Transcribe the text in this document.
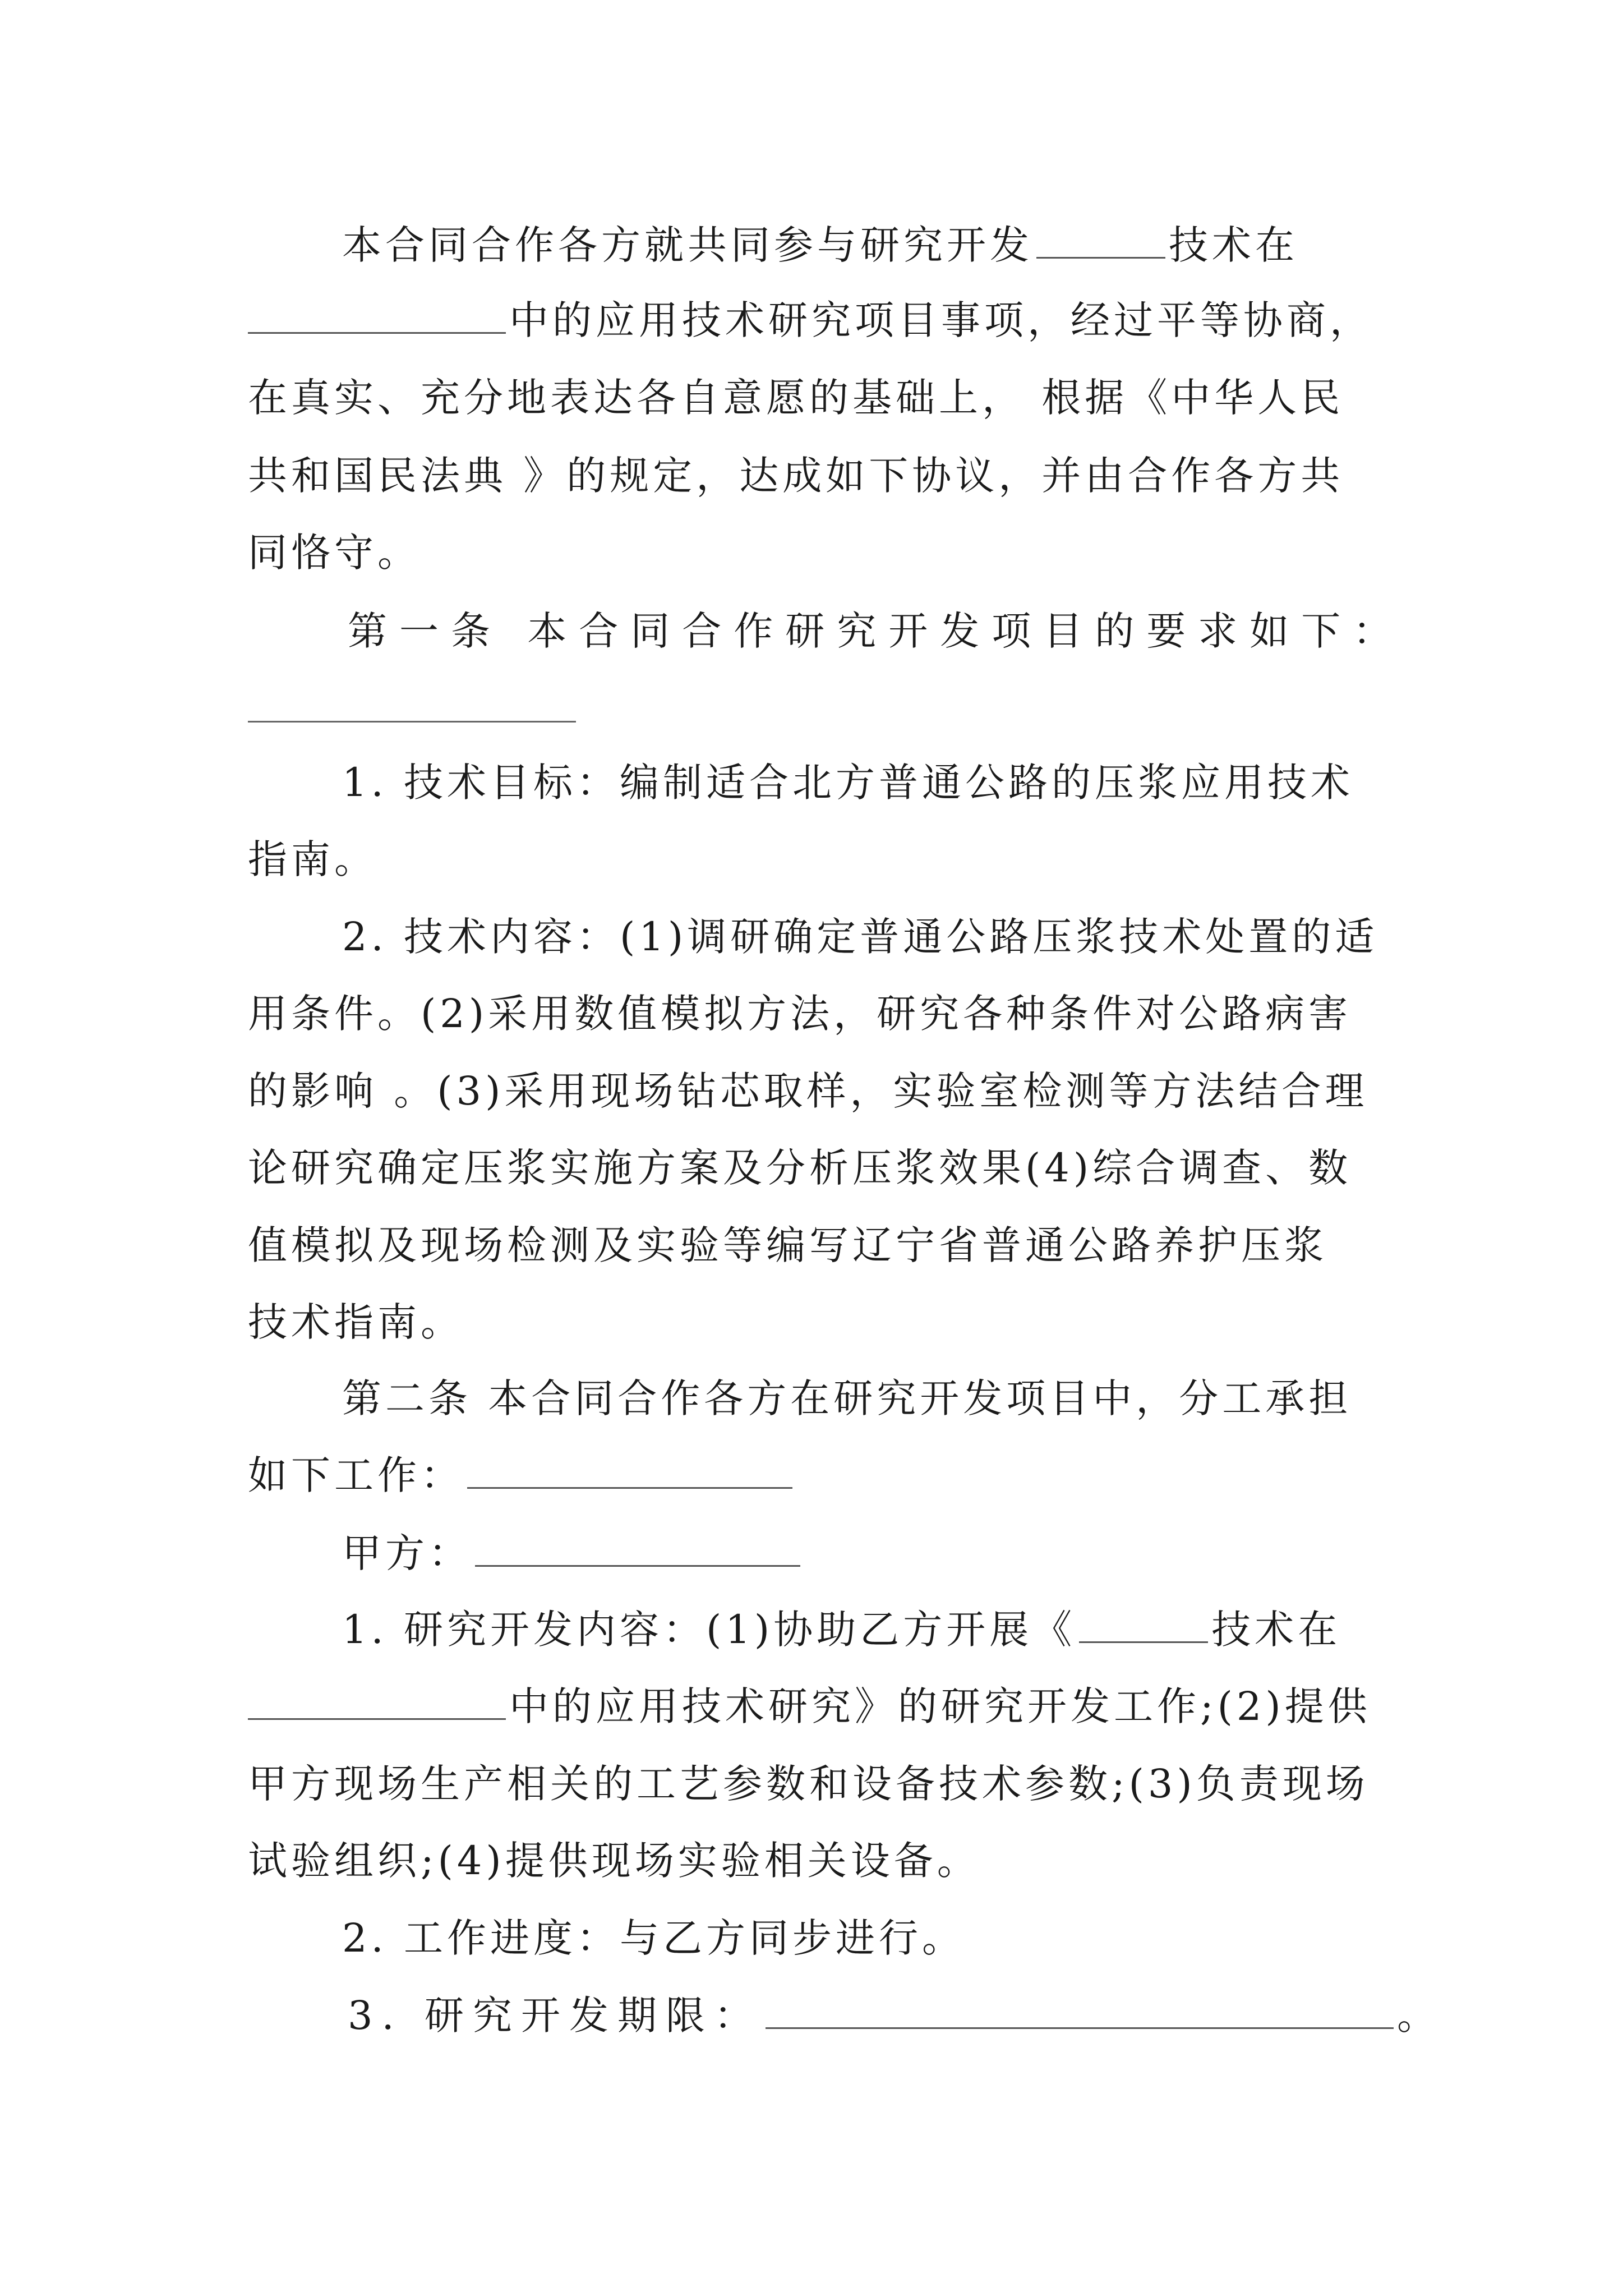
本合同合作各方就共同参与研究开发	技术在
中的应用技术研究项目事项，经过平等协商，
在真实、充分地表达各自意愿的基础上， 根据《中华人民
共和国民法典 》的规定，达成如下协议，并由合作各方共
同恪守。
第一条 本合同合作研究开发项目的要求如下：
1. 技术目标：编制适合北方普通公路的压浆应用技术
指南。
2. 技术内容：(1)调研确定普通公路压浆技术处置的适
用条件。(2)采用数值模拟方法，研究各种条件对公路病害
的影响 。(3)采用现场钻芯取样，实验室检测等方法结合理
论研究确定压浆实施方案及分析压浆效果(4)综合调查、数
值模拟及现场检测及实验等编写辽宁省普通公路养护压浆
技术指南。
第二条 本合同合作各方在研究开发项目中，分工承担
如下工作：
甲方：
1. 研究开发内容：(1)协助乙方开展《	技术在
中的应用技术研究》的研究开发工作;(2)提供
甲方现场生产相关的工艺参数和设备技术参数;(3)负责现场
试验组织;(4)提供现场实验相关设备。
2. 工作进度：与乙方同步进行。
3. 研究开发期限：	。
